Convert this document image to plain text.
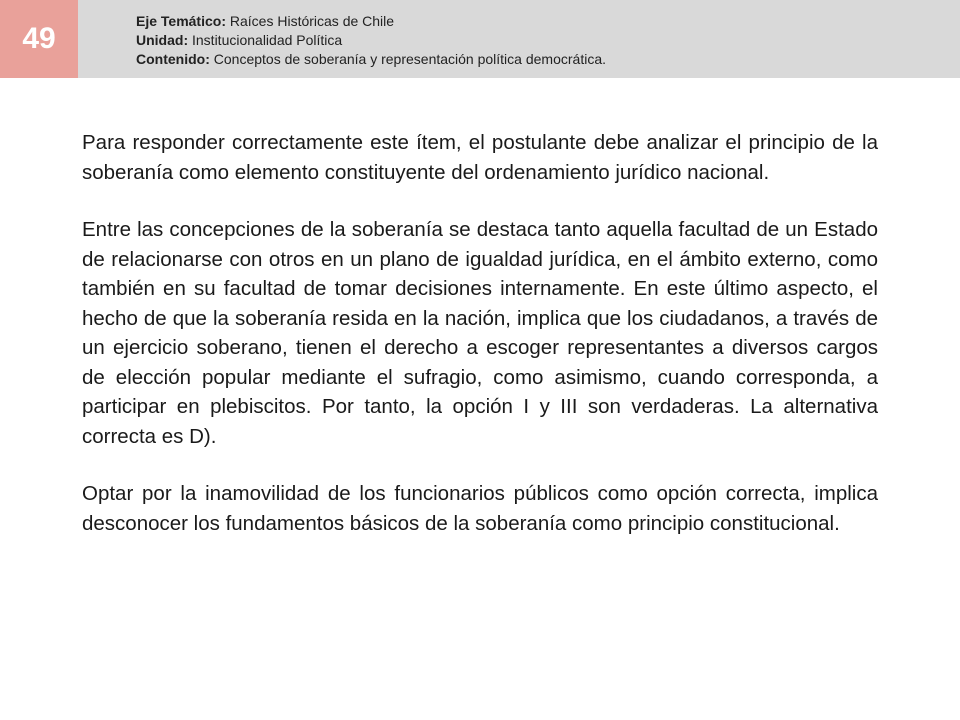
49
Eje Temático: Raíces Históricas de Chile
Unidad: Institucionalidad Política
Contenido: Conceptos de soberanía y representación política democrática.

Para responder correctamente este ítem, el postulante debe analizar el principio de la soberanía como elemento constituyente del ordenamiento jurídico nacional.

Entre las concepciones de la soberanía se destaca tanto aquella facultad de un Estado de relacionarse con otros en un plano de igualdad jurídica, en el ámbito externo, como también en su facultad de tomar decisiones internamente. En este último aspecto, el hecho de que la soberanía resida en la nación, implica que los ciudadanos, a través de un ejercicio soberano, tienen el derecho a escoger representantes a diversos cargos de elección popular mediante el sufragio, como asimismo, cuando corresponda, a participar en plebiscitos. Por tanto, la opción I y III son verdaderas. La alternativa correcta es D).

Optar por la inamovilidad de los funcionarios públicos como opción correcta, implica desconocer los fundamentos básicos de la soberanía como principio constitucional.
